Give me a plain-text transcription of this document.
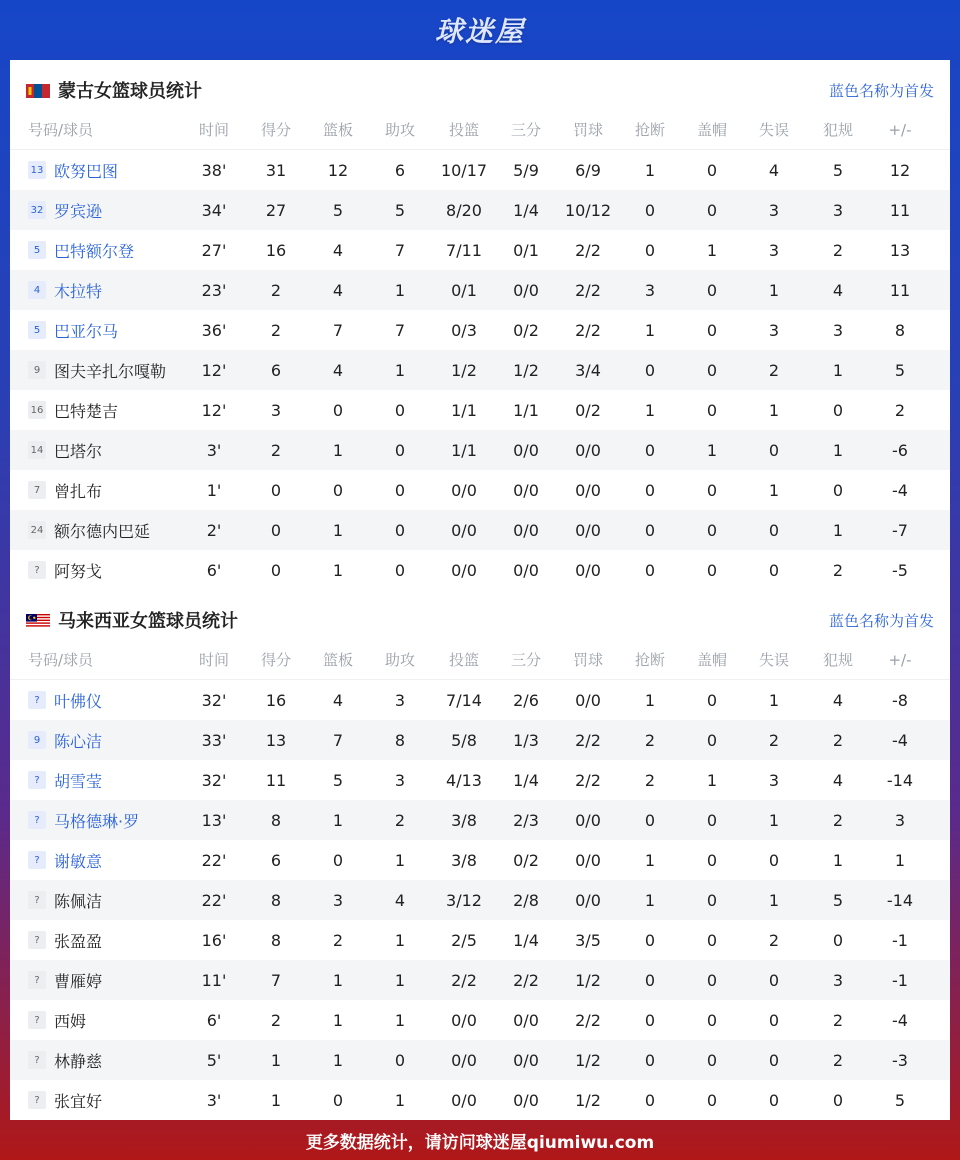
球迷屋
蒙古女篮球员统计	蓝色名称为首发
号码/球员	时间	得分	篮板	助攻	投篮	三分	罚球	抢断	盖帽	失误	犯规	+/-
13 欧努巴图	38'	31	12	6	10/17	5/9	6/9	1	0	4	5	12
32 罗宾逊	34'	27	5	5	8/20	1/4	10/12	0	0	3	3	11
5 巴特额尔登	27'	16	4	7	7/11	0/1	2/2	0	1	3	2	13
4 木拉特	23'	2	4	1	0/1	0/0	2/2	3	0	1	4	11
5 巴亚尔马	36'	2	7	7	0/3	0/2	2/2	1	0	3	3	8
9 图夫辛扎尔嘎勒	12'	6	4	1	1/2	1/2	3/4	0	0	2	1	5
16 巴特楚吉	12'	3	0	0	1/1	1/1	0/2	1	0	1	0	2
14 巴塔尔	3'	2	1	0	1/1	0/0	0/0	0	1	0	1	-6
7 曾扎布	1'	0	0	0	0/0	0/0	0/0	0	0	1	0	-4
24 额尔德内巴延	2'	0	1	0	0/0	0/0	0/0	0	0	0	1	-7
? 阿努戈	6'	0	1	0	0/0	0/0	0/0	0	0	0	2	-5
马来西亚女篮球员统计	蓝色名称为首发
号码/球员	时间	得分	篮板	助攻	投篮	三分	罚球	抢断	盖帽	失误	犯规	+/-
? 叶佛仪	32'	16	4	3	7/14	2/6	0/0	1	0	1	4	-8
9 陈心洁	33'	13	7	8	5/8	1/3	2/2	2	0	2	2	-4
? 胡雪莹	32'	11	5	3	4/13	1/4	2/2	2	1	3	4	-14
? 马格德琳·罗	13'	8	1	2	3/8	2/3	0/0	0	0	1	2	3
? 谢敏意	22'	6	0	1	3/8	0/2	0/0	1	0	0	1	1
? 陈佩洁	22'	8	3	4	3/12	2/8	0/0	1	0	1	5	-14
? 张盈盈	16'	8	2	1	2/5	1/4	3/5	0	0	2	0	-1
? 曹雁婷	11'	7	1	1	2/2	2/2	1/2	0	0	0	3	-1
? 西姆	6'	2	1	1	0/0	0/0	2/2	0	0	0	2	-4
? 林静慈	5'	1	1	0	0/0	0/0	1/2	0	0	0	2	-3
? 张宜好	3'	1	0	1	0/0	0/0	1/2	0	0	0	0	5
更多数据统计，请访问球迷屋qiumiwu.com
